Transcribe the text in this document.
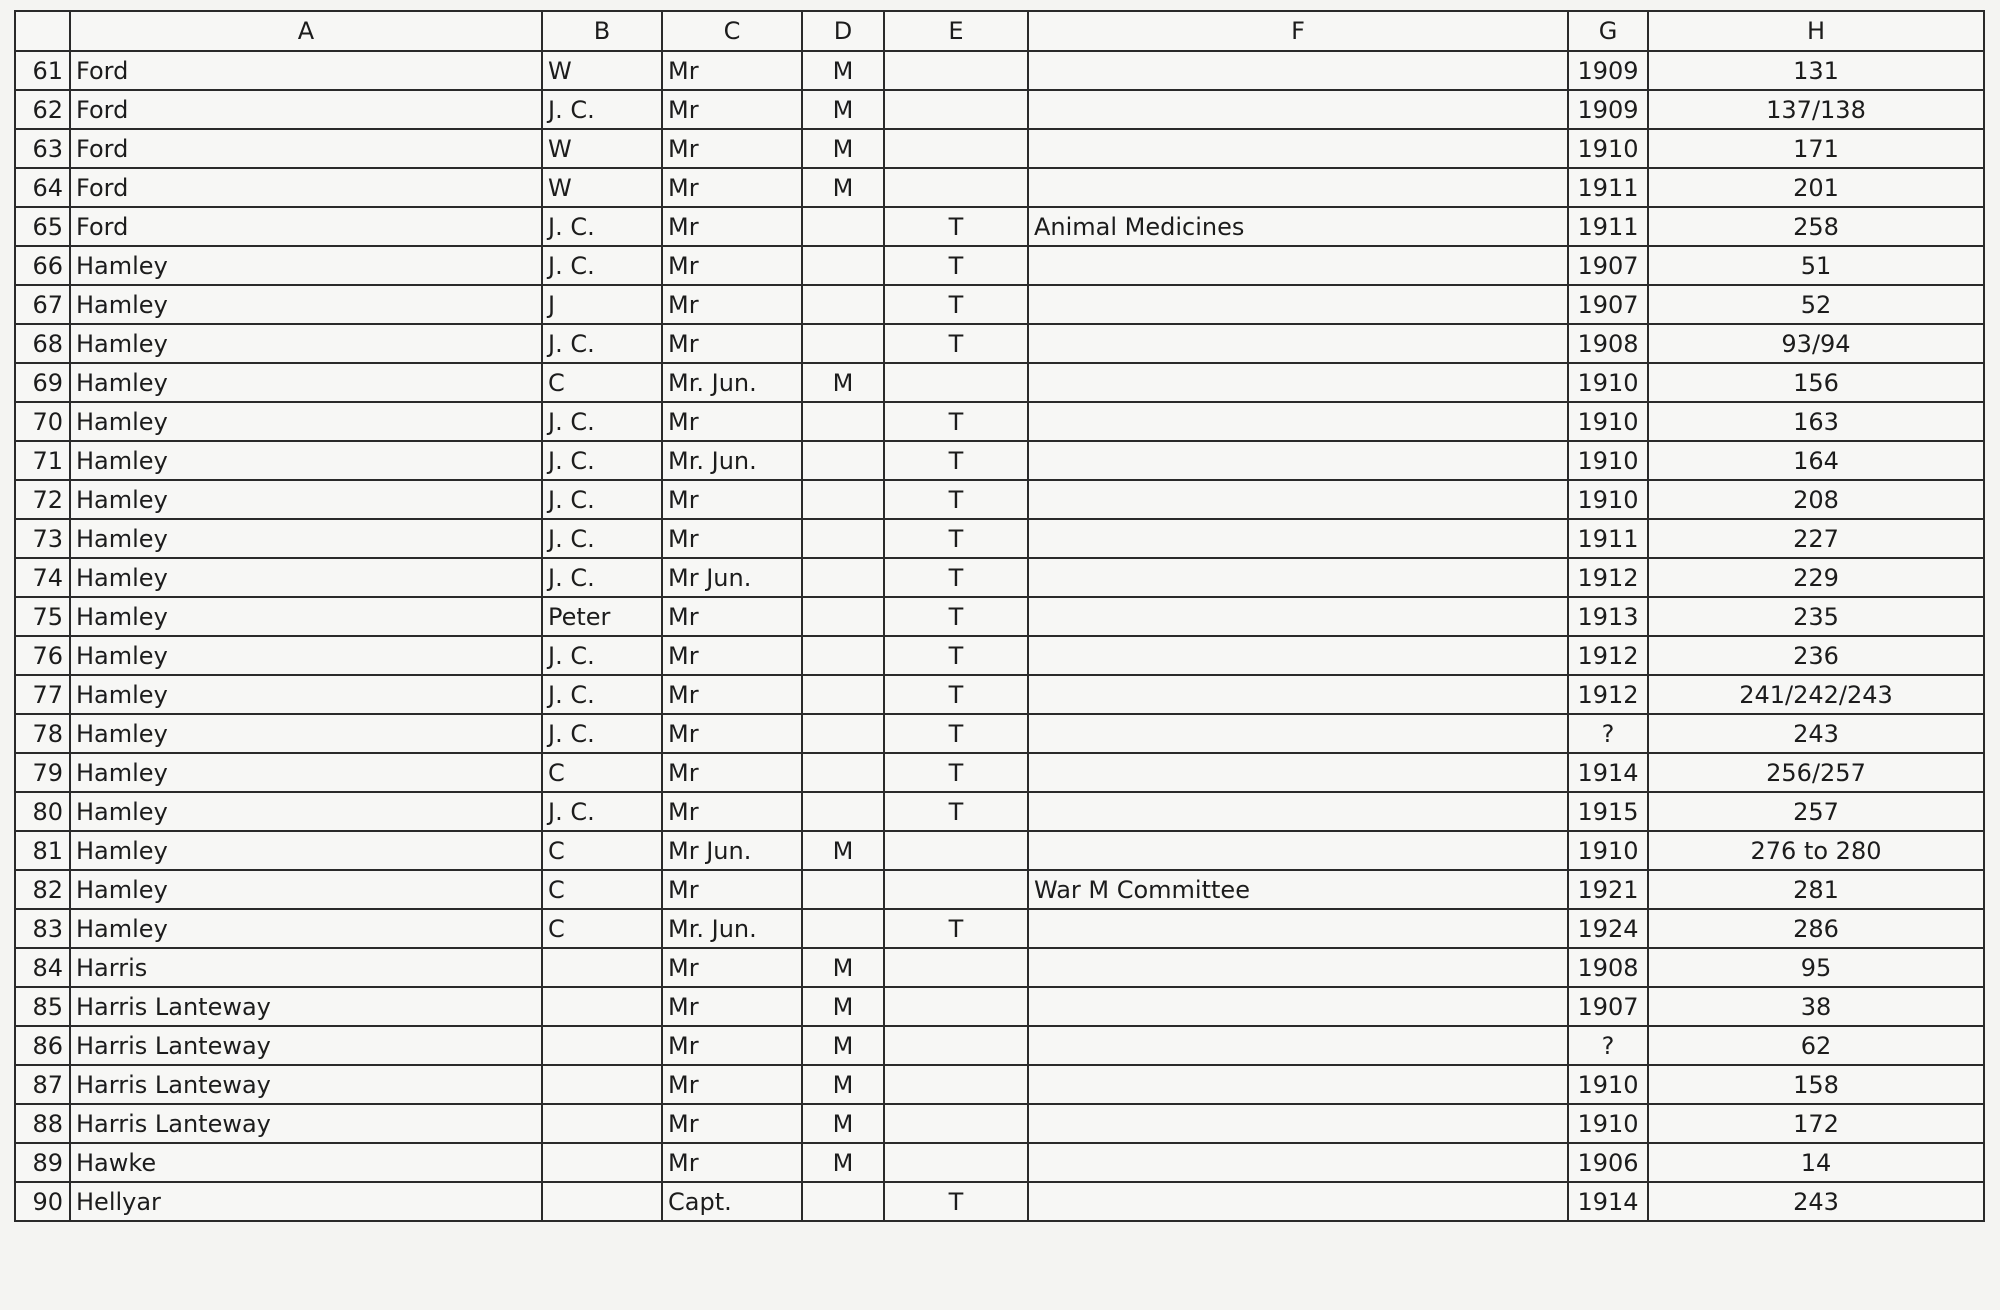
	A	B	C	D	E	F	G	H
61	Ford	W	Mr	M			1909	131
62	Ford	J. C.	Mr	M			1909	137/138
63	Ford	W	Mr	M			1910	171
64	Ford	W	Mr	M			1911	201
65	Ford	J. C.	Mr		T	Animal Medicines	1911	258
66	Hamley	J. C.	Mr		T		1907	51
67	Hamley	J	Mr		T		1907	52
68	Hamley	J. C.	Mr		T		1908	93/94
69	Hamley	C	Mr. Jun.	M			1910	156
70	Hamley	J. C.	Mr		T		1910	163
71	Hamley	J. C.	Mr. Jun.		T		1910	164
72	Hamley	J. C.	Mr		T		1910	208
73	Hamley	J. C.	Mr		T		1911	227
74	Hamley	J. C.	Mr Jun.		T		1912	229
75	Hamley	Peter	Mr		T		1913	235
76	Hamley	J. C.	Mr		T		1912	236
77	Hamley	J. C.	Mr		T		1912	241/242/243
78	Hamley	J. C.	Mr		T		?	243
79	Hamley	C	Mr		T		1914	256/257
80	Hamley	J. C.	Mr		T		1915	257
81	Hamley	C	Mr Jun.	M			1910	276 to 280
82	Hamley	C	Mr			War M Committee	1921	281
83	Hamley	C	Mr. Jun.		T		1924	286
84	Harris		Mr	M			1908	95
85	Harris Lanteway		Mr	M			1907	38
86	Harris Lanteway		Mr	M			?	62
87	Harris Lanteway		Mr	M			1910	158
88	Harris Lanteway		Mr	M			1910	172
89	Hawke		Mr	M			1906	14
90	Hellyar		Capt.		T		1914	243
